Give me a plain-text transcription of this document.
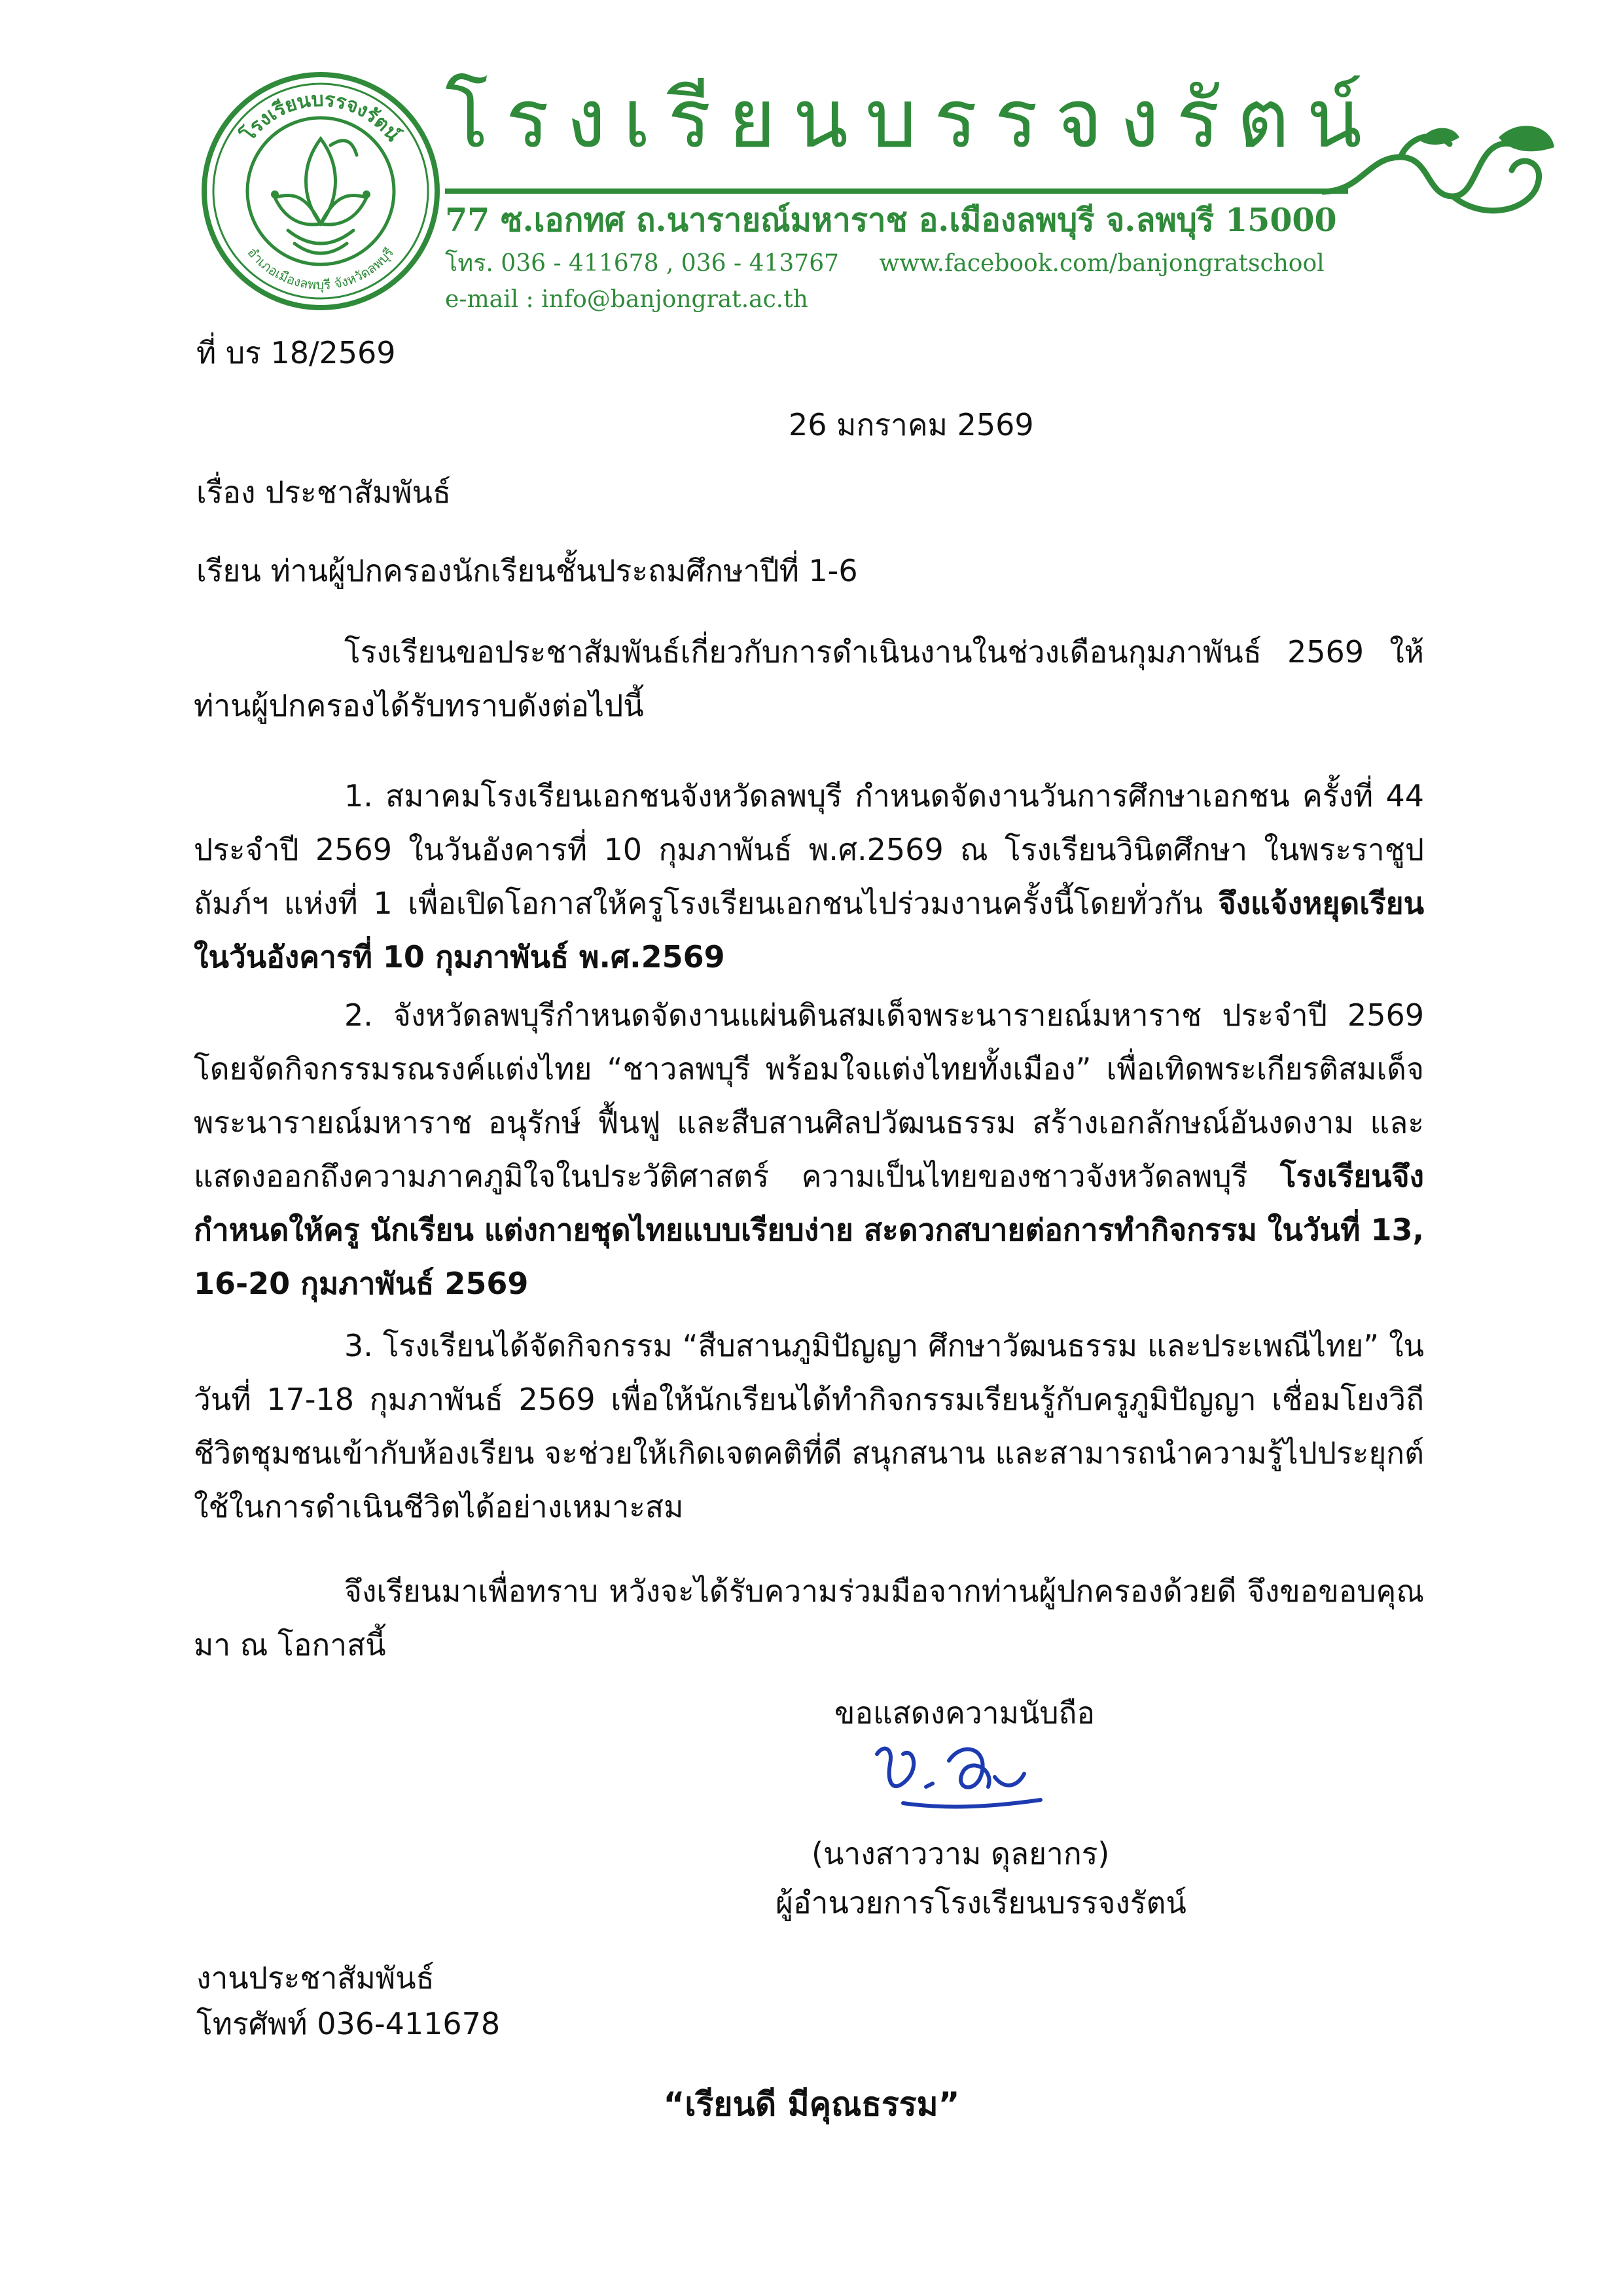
โรงเรียนบรรจงรัตน์
อำเภอเมืองลพบุรี จังหวัดลพบุรี
โรงเรียนบรรจงรัตน์
77 ซ.เอกทศ ถ.นารายณ์มหาราช อ.เมืองลพบุรี จ.ลพบุรี 15000
โทร. 036 - 411678 , 036 - 413767 www.facebook.com/banjongratschool
e-mail : info@banjongrat.ac.th
ที่ บร 18/2569
26 มกราคม 2569
เรื่อง ประชาสัมพันธ์
เรียน ท่านผู้ปกครองนักเรียนชั้นประถมศึกษาปีที่ 1-6
โรงเรียนขอประชาสัมพันธ์เกี่ยวกับการดำเนินงานในช่วงเดือนกุมภาพันธ์ 2569 ให้ท่านผู้ปกครองได้รับทราบดังต่อไปนี้
1. สมาคมโรงเรียนเอกชนจังหวัดลพบุรี กำหนดจัดงานวันการศึกษาเอกชน ครั้งที่ 44 ประจำปี 2569 ในวันอังคารที่ 10 กุมภาพันธ์ พ.ศ.2569 ณ โรงเรียนวินิตศึกษา ในพระราชูปถัมภ์ฯ แห่งที่ 1 เพื่อเปิดโอกาสให้ครูโรงเรียนเอกชนไปร่วมงานครั้งนี้โดยทั่วกัน จึงแจ้งหยุดเรียนในวันอังคารที่ 10 กุมภาพันธ์ พ.ศ.2569
2. จังหวัดลพบุรีกำหนดจัดงานแผ่นดินสมเด็จพระนารายณ์มหาราช ประจำปี 2569 โดยจัดกิจกรรมรณรงค์แต่งไทย “ชาวลพบุรี พร้อมใจแต่งไทยทั้งเมือง” เพื่อเทิดพระเกียรติสมเด็จพระนารายณ์มหาราช อนุรักษ์ ฟื้นฟู และสืบสานศิลปวัฒนธรรม สร้างเอกลักษณ์อันงดงาม และแสดงออกถึงความภาคภูมิใจในประวัติศาสตร์ ความเป็นไทยของชาวจังหวัดลพบุรี โรงเรียนจึงกำหนดให้ครู นักเรียน แต่งกายชุดไทยแบบเรียบง่าย สะดวกสบายต่อการทำกิจกรรม ในวันที่ 13, 16-20 กุมภาพันธ์ 2569
3. โรงเรียนได้จัดกิจกรรม “สืบสานภูมิปัญญา ศึกษาวัฒนธรรม และประเพณีไทย” ในวันที่ 17-18 กุมภาพันธ์ 2569 เพื่อให้นักเรียนได้ทำกิจกรรมเรียนรู้กับครูภูมิปัญญา เชื่อมโยงวิถีชีวิตชุมชนเข้ากับห้องเรียน จะช่วยให้เกิดเจตคติที่ดี สนุกสนาน และสามารถนำความรู้ไปประยุกต์ใช้ในการดำเนินชีวิตได้อย่างเหมาะสม
จึงเรียนมาเพื่อทราบ หวังจะได้รับความร่วมมือจากท่านผู้ปกครองด้วยดี จึงขอขอบคุณมา ณ โอกาสนี้
ขอแสดงความนับถือ
(นางสาววาม ดุลยากร)
ผู้อำนวยการโรงเรียนบรรจงรัตน์
งานประชาสัมพันธ์
โทรศัพท์ 036-411678
“เรียนดี มีคุณธรรม”
